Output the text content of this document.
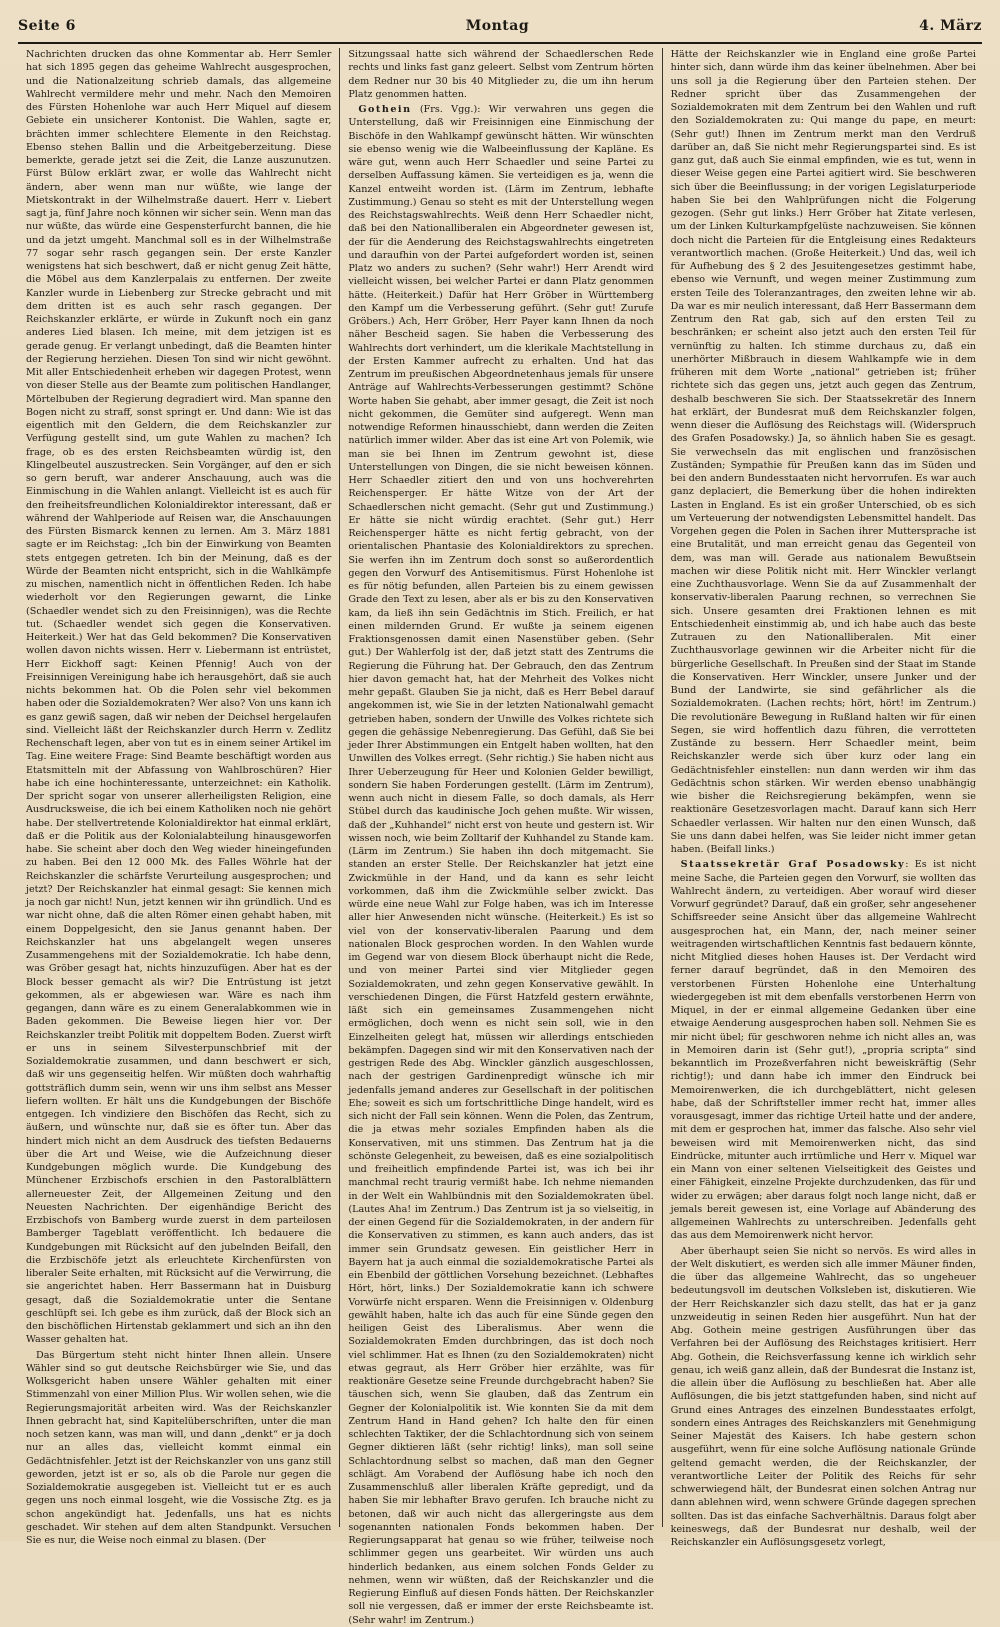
Seite 6	Montag	4. März

Nachrichten drucken das ohne Kommentar ab. Herr Semler hat sich 1895 gegen das geheime Wahlrecht ausgesprochen, und die Nationalzeitung schrieb damals, das allgemeine Wahlrecht vermildere mehr und mehr. Nach den Memoiren des Fürsten Hohenlohe war auch Herr Miquel auf diesem Gebiete ein unsicherer Kontonist. Die Wahlen, sagte er, brächten immer schlechtere Elemente in den Reichstag. Ebenso stehen Ballin und die Arbeitgeberzeitung. Diese bemerkte, gerade jetzt sei die Zeit, die Lanze auszunutzen. Fürst Bülow erklärt zwar, er wolle das Wahlrecht nicht ändern, aber wenn man nur wüßte, wie lange der Mietskontrakt in der Wilhelmstraße dauert. Herr v. Liebert sagt ja, fünf Jahre noch können wir sicher sein. Wenn man das nur wüßte, das würde eine Gespensterfurcht bannen, die hie und da jetzt umgeht. Manchmal soll es in der Wilhelmstraße 77 sogar sehr rasch gegangen sein. Der erste Kanzler wenigstens hat sich beschwert, daß er nicht genug Zeit hätte, die Möbel aus dem Kanzlerpalais zu entfernen. Der zweite Kanzler wurde in Liebenberg zur Strecke gebracht und mit dem dritten ist es auch sehr rasch gegangen. Der Reichskanzler erklärte, er würde in Zukunft noch ein ganz anderes Lied blasen. Ich meine, mit dem jetzigen ist es gerade genug. Er verlangt unbedingt, daß die Beamten hinter der Regierung herziehen. Diesen Ton sind wir nicht gewöhnt. Mit aller Entschiedenheit erheben wir dagegen Protest, wenn von dieser Stelle aus der Beamte zum politischen Handlanger, Mörtelbuben der Regierung degradiert wird. Man spanne den Bogen nicht zu straff, sonst springt er. Und dann: Wie ist das eigentlich mit den Geldern, die dem Reichskanzler zur Verfügung gestellt sind, um gute Wahlen zu machen? Ich frage, ob es des ersten Reichsbeamten würdig ist, den Klingelbeutel auszustrecken. Sein Vorgänger, auf den er sich so gern beruft, war anderer Anschauung, auch was die Einmischung in die Wahlen anlangt. Vielleicht ist es auch für den freiheitsfreundlichen Kolonialdirektor interessant, daß er während der Wahlperiode auf Reisen war, die Anschauungen des Fürsten Bismarck kennen zu lernen. Am 3. März 1881 sagte er im Reichstag: „Ich bin der Einwirkung von Beamten stets entgegen getreten. Ich bin der Meinung, daß es der Würde der Beamten nicht entspricht, sich in die Wahlkämpfe zu mischen, namentlich nicht in öffentlichen Reden. Ich habe wiederholt vor den Regierungen gewarnt, die Linke (Schaedler wendet sich zu den Freisinnigen), was die Rechte tut. (Schaedler wendet sich gegen die Konservativen. Heiterkeit.) Wer hat das Geld bekommen? Die Konservativen wollen davon nichts wissen. Herr v. Liebermann ist entrüstet, Herr Eickhoff sagt: Keinen Pfennig! Auch von der Freisinnigen Vereinigung habe ich herausgehört, daß sie auch nichts bekommen hat. Ob die Polen sehr viel bekommen haben oder die Sozialdemokraten? Wer also? Von uns kann ich es ganz gewiß sagen, daß wir neben der Deichsel hergelaufen sind. Vielleicht läßt der Reichskanzler durch Herrn v. Zedlitz Rechenschaft legen, aber von tut es in einem seiner Artikel im Tag. Eine weitere Frage: Sind Beamte beschäftigt worden aus Etatsmitteln mit der Abfassung von Wahlbroschüren? Hier habe ich eine hochinteressante, unterzeichnet: ein Katholik. Der spricht sogar von unserer allerheiligsten Religion, eine Ausdrucksweise, die ich bei einem Katholiken noch nie gehört habe. Der stellvertretende Kolonialdirektor hat einmal erklärt, daß er die Politik aus der Kolonialabteilung hinausgeworfen habe. Sie scheint aber doch den Weg wieder hineingefunden zu haben. Bei den 12 000 Mk. des Falles Wöhrle hat der Reichskanzler die schärfste Verurteilung ausgesprochen; und jetzt? Der Reichskanzler hat einmal gesagt: Sie kennen mich ja noch gar nicht! Nun, jetzt kennen wir ihn gründlich. Und es war nicht ohne, daß die alten Römer einen gehabt haben, mit einem Doppelgesicht, den sie Janus genannt haben. Der Reichskanzler hat uns abgelangelt wegen unseres Zusammengehens mit der Sozialdemokratie. Ich habe denn, was Gröber gesagt hat, nichts hinzuzufügen. Aber hat es der Block besser gemacht als wir? Die Entrüstung ist jetzt gekommen, als er abgewiesen war. Wäre es nach ihm gegangen, dann wäre es zu einem Generalabkommen wie in Baden gekommen. Die Beweise liegen hier vor. Der Reichskanzler treibt Politik mit doppeltem Boden. Zuerst wirft er uns in seinem Silvesterpunschbrief mit der Sozialdemokratie zusammen, und dann beschwert er sich, daß wir uns gegenseitig helfen. Wir müßten doch wahrhaftig gottsträflich dumm sein, wenn wir uns ihm selbst ans Messer liefern wollten. Er hält uns die Kundgebungen der Bischöfe entgegen. Ich vindiziere den Bischöfen das Recht, sich zu äußern, und wünschte nur, daß sie es öfter tun. Aber das hindert mich nicht an dem Ausdruck des tiefsten Bedauerns über die Art und Weise, wie die Aufzeichnung dieser Kundgebungen möglich wurde. Die Kundgebung des Münchener Erzbischofs erschien in den Pastoralblättern allerneuester Zeit, der Allgemeinen Zeitung und den Neuesten Nachrichten. Der eigenhändige Bericht des Erzbischofs von Bamberg wurde zuerst in dem parteilosen Bamberger Tageblatt veröffentlicht. Ich bedauere die Kundgebungen mit Rücksicht auf den jubelnden Beifall, den die Erzbischöfe jetzt als erleuchtete Kirchenfürsten von liberaler Seite erhalten, mit Rücksicht auf die Verwirrung, die sie angerichtet haben. Herr Bassermann hat in Duisburg gesagt, daß die Sozialdemokratie unter die Sentane geschlüpft sei. Ich gebe es ihm zurück, daß der Block sich an den bischöflichen Hirtenstab geklammert und sich an ihn den Wasser gehalten hat.

Das Bürgertum steht nicht hinter Ihnen allein. Unsere Wähler sind so gut deutsche Reichsbürger wie Sie, und das Wolksgericht haben unsere Wähler gehalten mit einer Stimmenzahl von einer Million Plus. Wir wollen sehen, wie die Regierungsmajorität arbeiten wird. Was der Reichskanzler Ihnen gebracht hat, sind Kapitelüberschriften, unter die man noch setzen kann, was man will, und dann „denkt“ er ja doch nur an alles das, vielleicht kommt einmal ein Gedächtnisfehler. Jetzt ist der Reichskanzler von uns ganz still geworden, jetzt ist er so, als ob die Parole nur gegen die Sozialdemokratie ausgegeben ist. Vielleicht tut er es auch gegen uns noch einmal losgeht, wie die Vossische Ztg. es ja schon angekündigt hat. Jedenfalls, uns hat es nichts geschadet. Wir stehen auf dem alten Standpunkt. Versuchen Sie es nur, die Weise noch einmal zu blasen. (Der

Sitzungssaal hatte sich während der Schaedlerschen Rede rechts und links fast ganz geleert. Selbst vom Zentrum hörten dem Redner nur 30 bis 40 Mitglieder zu, die um ihn herum Platz genommen hatten.

Gothein (Frs. Vgg.): Wir verwahren uns gegen die Unterstellung, daß wir Freisinnigen eine Einmischung der Bischöfe in den Wahlkampf gewünscht hätten. Wir wünschten sie ebenso wenig wie die Walbeeinflussung der Kapläne. Es wäre gut, wenn auch Herr Schaedler und seine Partei zu derselben Auffassung kämen. Sie verteidigen es ja, wenn die Kanzel entweiht worden ist. (Lärm im Zentrum, lebhafte Zustimmung.) Genau so steht es mit der Unterstellung wegen des Reichstagswahlrechts. Weiß denn Herr Schaedler nicht, daß bei den Nationalliberalen ein Abgeordneter gewesen ist, der für die Aenderung des Reichstagswahlrechts eingetreten und daraufhin von der Partei aufgefordert worden ist, seinen Platz wo anders zu suchen? (Sehr wahr!) Herr Arendt wird vielleicht wissen, bei welcher Partei er dann Platz genommen hätte. (Heiterkeit.) Dafür hat Herr Gröber in Württemberg den Kampf um die Verbesserung geführt. (Sehr gut! Zurufe Gröbers.) Ach, Herr Gröber, Herr Payer kann Ihnen da noch näher Bescheid sagen. Sie haben die Verbesserung des Wahlrechts dort verhindert, um die klerikale Machtstellung in der Ersten Kammer aufrecht zu erhalten. Und hat das Zentrum im preußischen Abgeordnetenhaus jemals für unsere Anträge auf Wahlrechts-Verbesserungen gestimmt? Schöne Worte haben Sie gehabt, aber immer gesagt, die Zeit ist noch nicht gekommen, die Gemüter sind aufgeregt. Wenn man notwendige Reformen hinausschiebt, dann werden die Zeiten natürlich immer wilder. Aber das ist eine Art von Polemik, wie man sie bei Ihnen im Zentrum gewohnt ist, diese Unterstellungen von Dingen, die sie nicht beweisen können. Herr Schaedler zitiert den und von uns hochverehrten Reichensperger. Er hätte Witze von der Art der Schaedlerschen nicht gemacht. (Sehr gut und Zustimmung.) Er hätte sie nicht würdig erachtet. (Sehr gut.) Herr Reichensperger hätte es nicht fertig gebracht, von der orientalischen Phantasie des Kolonialdirektors zu sprechen. Sie werfen ihn im Zentrum doch sonst so außerordentlich gegen den Vorwurf des Antisemitismus. Fürst Hohenlohe ist es für nötig befunden, allen Parteien bis zu einem gewissen Grade den Text zu lesen, aber als er bis zu den Konservativen kam, da ließ ihn sein Gedächtnis im Stich. Freilich, er hat einen mildernden Grund. Er wußte ja seinem eigenen Fraktionsgenossen damit einen Nasenstüber geben. (Sehr gut.) Der Wahlerfolg ist der, daß jetzt statt des Zentrums die Regierung die Führung hat. Der Gebrauch, den das Zentrum hier davon gemacht hat, hat der Mehrheit des Volkes nicht mehr gepaßt. Glauben Sie ja nicht, daß es Herr Bebel darauf angekommen ist, wie Sie in der letzten Nationalwahl gemacht getrieben haben, sondern der Unwille des Volkes richtete sich gegen die gehässige Nebenregierung. Das Gefühl, daß Sie bei jeder Ihrer Abstimmungen ein Entgelt haben wollten, hat den Unwillen des Volkes erregt. (Sehr richtig.) Sie haben nicht aus Ihrer Ueberzeugung für Heer und Kolonien Gelder bewilligt, sondern Sie haben Forderungen gestellt. (Lärm im Zentrum), wenn auch nicht in diesem Falle, so doch damals, als Herr Stübel durch das kaudinische Joch gehen mußte. Wir wissen, daß der „Kuhhandel“ nicht erst von heute und gestern ist. Wir wissen noch, wie beim Zolltarif der Kuhhandel zu Stande kam. (Lärm im Zentrum.) Sie haben ihn doch mitgemacht. Sie standen an erster Stelle. Der Reichskanzler hat jetzt eine Zwickmühle in der Hand, und da kann es sehr leicht vorkommen, daß ihm die Zwickmühle selber zwickt. Das würde eine neue Wahl zur Folge haben, was ich im Interesse aller hier Anwesenden nicht wünsche. (Heiterkeit.) Es ist so viel von der konservativ-liberalen Paarung und dem nationalen Block gesprochen worden. In den Wahlen wurde im Gegend war von diesem Block überhaupt nicht die Rede, und von meiner Partei sind vier Mitglieder gegen Sozialdemokraten, und zehn gegen Konservative gewählt. In verschiedenen Dingen, die Fürst Hatzfeld gestern erwähnte, läßt sich ein gemeinsames Zusammengehen nicht ermöglichen, doch wenn es nicht sein soll, wie in den Einzelheiten gelegt hat, müssen wir allerdings entschieden bekämpfen. Dagegen sind wir mit den Konservativen nach der gestrigen Rede des Abg. Winckler gänzlich ausgeschlossen, nach der gestrigen Gardinenpredigt wünsche ich mir jedenfalls jemand anderes zur Gesellschaft in der politischen Ehe; soweit es sich um fortschrittliche Dinge handelt, wird es sich nicht der Fall sein können. Wenn die Polen, das Zentrum, die ja etwas mehr soziales Empfinden haben als die Konservativen, mit uns stimmen. Das Zentrum hat ja die schönste Gelegenheit, zu beweisen, daß es eine sozialpolitisch und freiheitlich empfindende Partei ist, was ich bei ihr manchmal recht traurig vermißt habe. Ich nehme niemanden in der Welt ein Wahlbündnis mit den Sozialdemokraten übel. (Lautes Aha! im Zentrum.) Das Zentrum ist ja so vielseitig, in der einen Gegend für die Sozialdemokraten, in der andern für die Konservativen zu stimmen, es kann auch anders, das ist immer sein Grundsatz gewesen. Ein geistlicher Herr in Bayern hat ja auch einmal die sozialdemokratische Partei als ein Ebenbild der göttlichen Vorsehung bezeichnet. (Lebhaftes Hört, hört, links.) Der Sozialdemokratie kann ich schwere Vorwürfe nicht ersparen. Wenn die Freisinnigen v. Oldenburg gewählt haben, halte ich das auch für eine Sünde gegen den heiligen Geist des Liberalismus. Aber wenn die Sozialdemokraten Emden durchbringen, das ist doch noch viel schlimmer. Hat es Ihnen (zu den Sozialdemokraten) nicht etwas gegraut, als Herr Gröber hier erzählte, was für reaktionäre Gesetze seine Freunde durchgebracht haben? Sie täuschen sich, wenn Sie glauben, daß das Zentrum ein Gegner der Kolonialpolitik ist. Wie konnten Sie da mit dem Zentrum Hand in Hand gehen? Ich halte den für einen schlechten Taktiker, der die Schlachtordnung sich von seinem Gegner diktieren läßt (sehr richtig! links), man soll seine Schlachtordnung selbst so machen, daß man den Gegner schlägt. Am Vorabend der Auflösung habe ich noch den Zusammenschluß aller liberalen Kräfte gepredigt, und da haben Sie mir lebhafter Bravo gerufen. Ich brauche nicht zu betonen, daß wir auch nicht das allergeringste aus dem sogenannten nationalen Fonds bekommen haben. Der Regierungsapparat hat genau so wie früher, teilweise noch schlimmer gegen uns gearbeitet. Wir würden uns auch hinderlich bedanken, aus einem solchen Fonds Gelder zu nehmen, wenn wir wüßten, daß der Reichskanzler und die Regierung Einfluß auf diesen Fonds hätten. Der Reichskanzler soll nie vergessen, daß er immer der erste Reichsbeamte ist. (Sehr wahr! im Zentrum.)

Hätte der Reichskanzler wie in England eine große Partei hinter sich, dann würde ihm das keiner übelnehmen. Aber bei uns soll ja die Regierung über den Parteien stehen. Der Redner spricht über das Zusammengehen der Sozialdemokraten mit dem Zentrum bei den Wahlen und ruft den Sozialdemokraten zu: Qui mange du pape, en meurt: (Sehr gut!) Ihnen im Zentrum merkt man den Verdruß darüber an, daß Sie nicht mehr Regierungspartei sind. Es ist ganz gut, daß auch Sie einmal empfinden, wie es tut, wenn in dieser Weise gegen eine Partei agitiert wird. Sie beschweren sich über die Beeinflussung; in der vorigen Legislaturperiode haben Sie bei den Wahlprüfungen nicht die Folgerung gezogen. (Sehr gut links.) Herr Gröber hat Zitate verlesen, um der Linken Kulturkampfgelüste nachzuweisen. Sie können doch nicht die Parteien für die Entgleisung eines Redakteurs verantwortlich machen. (Große Heiterkeit.) Und das, weil ich für Aufhebung des § 2 des Jesuitengesetzes gestimmt habe, ebenso wie Vernunft, und wegen meiner Zustimmung zum ersten Teile des Toleranzantrages, den zweiten lehne wir ab. Da war es mir neulich interessant, daß Herr Bassermann dem Zentrum den Rat gab, sich auf den ersten Teil zu beschränken; er scheint also jetzt auch den ersten Teil für vernünftig zu halten. Ich stimme durchaus zu, daß ein unerhörter Mißbrauch in diesem Wahlkampfe wie in dem früheren mit dem Worte „national“ getrieben ist; früher richtete sich das gegen uns, jetzt auch gegen das Zentrum, deshalb beschweren Sie sich. Der Staatssekretär des Innern hat erklärt, der Bundesrat muß dem Reichskanzler folgen, wenn dieser die Auflösung des Reichstags will. (Widerspruch des Grafen Posadowsky.) Ja, so ähnlich haben Sie es gesagt. Sie verwechseln das mit englischen und französischen Zuständen; Sympathie für Preußen kann das im Süden und bei den andern Bundesstaaten nicht hervorrufen. Es war auch ganz deplaciert, die Bemerkung über die hohen indirekten Lasten in England. Es ist ein großer Unterschied, ob es sich um Verteuerung der notwendigsten Lebensmittel handelt. Das Vorgehen gegen die Polen in Sachen ihrer Muttersprache ist eine Brutalität, und man erreicht genau das Gegenteil von dem, was man will. Gerade aus nationalem Bewußtsein machen wir diese Politik nicht mit. Herr Winckler verlangt eine Zuchthausvorlage. Wenn Sie da auf Zusammenhalt der konservativ-liberalen Paarung rechnen, so verrechnen Sie sich. Unsere gesamten drei Fraktionen lehnen es mit Entschiedenheit einstimmig ab, und ich habe auch das beste Zutrauen zu den Nationalliberalen. Mit einer Zuchthausvorlage gewinnen wir die Arbeiter nicht für die bürgerliche Gesellschaft. In Preußen sind der Staat im Stande die Konservativen. Herr Winckler, unsere Junker und der Bund der Landwirte, sie sind gefährlicher als die Sozialdemokraten. (Lachen rechts; hört, hört! im Zentrum.) Die revolutionäre Bewegung in Rußland halten wir für einen Segen, sie wird hoffentlich dazu führen, die verrotteten Zustände zu bessern. Herr Schaedler meint, beim Reichskanzler werde sich über kurz oder lang ein Gedächtnisfehler einstellen: nun dann werden wir ihm das Gedächtnis schon stärken. Wir werden ebenso unabhängig wie bisher die Reichsregierung bekämpfen, wenn sie reaktionäre Gesetzesvorlagen macht. Darauf kann sich Herr Schaedler verlassen. Wir halten nur den einen Wunsch, daß Sie uns dann dabei helfen, was Sie leider nicht immer getan haben. (Beifall links.)

Staatssekretär Graf Posadowsky: Es ist nicht meine Sache, die Parteien gegen den Vorwurf, sie wollten das Wahlrecht ändern, zu verteidigen. Aber worauf wird dieser Vorwurf gegründet? Darauf, daß ein großer, sehr angesehener Schiffsreeder seine Ansicht über das allgemeine Wahlrecht ausgesprochen hat, ein Mann, der, nach meiner seiner weitragenden wirtschaftlichen Kenntnis fast bedauern könnte, nicht Mitglied dieses hohen Hauses ist. Der Verdacht wird ferner darauf begründet, daß in den Memoiren des verstorbenen Fürsten Hohenlohe eine Unterhaltung wiedergegeben ist mit dem ebenfalls verstorbenen Herrn von Miquel, in der er einmal allgemeine Gedanken über eine etwaige Aenderung ausgesprochen haben soll. Nehmen Sie es mir nicht übel; für geschworen nehme ich nicht alles an, was in Memoiren darin ist (Sehr gut!), „propria scripta“ sind bekanntlich im Prozeßverfahren nicht beweiskräftig (Sehr richtig!); und dann habe ich immer den Eindruck bei Memoirenwerken, die ich durchgeblättert, nicht gelesen habe, daß der Schriftsteller immer recht hat, immer alles vorausgesagt, immer das richtige Urteil hatte und der andere, mit dem er gesprochen hat, immer das falsche. Also sehr viel beweisen wird mit Memoirenwerken nicht, das sind Eindrücke, mitunter auch irrtümliche und Herr v. Miquel war ein Mann von einer seltenen Vielseitigkeit des Geistes und einer Fähigkeit, einzelne Projekte durchzudenken, das für und wider zu erwägen; aber daraus folgt noch lange nicht, daß er jemals bereit gewesen ist, eine Vorlage auf Abänderung des allgemeinen Wahlrechts zu unterschreiben. Jedenfalls geht das aus dem Memoirenwerk nicht hervor.

Aber überhaupt seien Sie nicht so nervös. Es wird alles in der Welt diskutiert, es werden sich alle immer Mäuner finden, die über das allgemeine Wahlrecht, das so ungeheuer bedeutungsvoll im deutschen Volksleben ist, diskutieren. Wie der Herr Reichskanzler sich dazu stellt, das hat er ja ganz unzweideutig in seinen Reden hier ausgeführt. Nun hat der Abg. Gothein meine gestrigen Ausführungen über das Verfahren bei der Auflösung des Reichstages kritisiert. Herr Abg. Gothein, die Reichsverfassung kenne ich wirklich sehr genau, ich weiß ganz allein, daß der Bundesrat die Instanz ist, die allein über die Auflösung zu beschließen hat. Aber alle Auflösungen, die bis jetzt stattgefunden haben, sind nicht auf Grund eines Antrages des einzelnen Bundesstaates erfolgt, sondern eines Antrages des Reichskanzlers mit Genehmigung Seiner Majestät des Kaisers. Ich habe gestern schon ausgeführt, wenn für eine solche Auflösung nationale Gründe geltend gemacht werden, die der Reichskanzler, der verantwortliche Leiter der Politik des Reichs für sehr schwerwiegend hält, der Bundesrat einen solchen Antrag nur dann ablehnen wird, wenn schwere Gründe dagegen sprechen sollten. Das ist das einfache Sachverhältnis. Daraus folgt aber keineswegs, daß der Bundesrat nur deshalb, weil der Reichskanzler ein Auflösungsgesetz vorlegt,
